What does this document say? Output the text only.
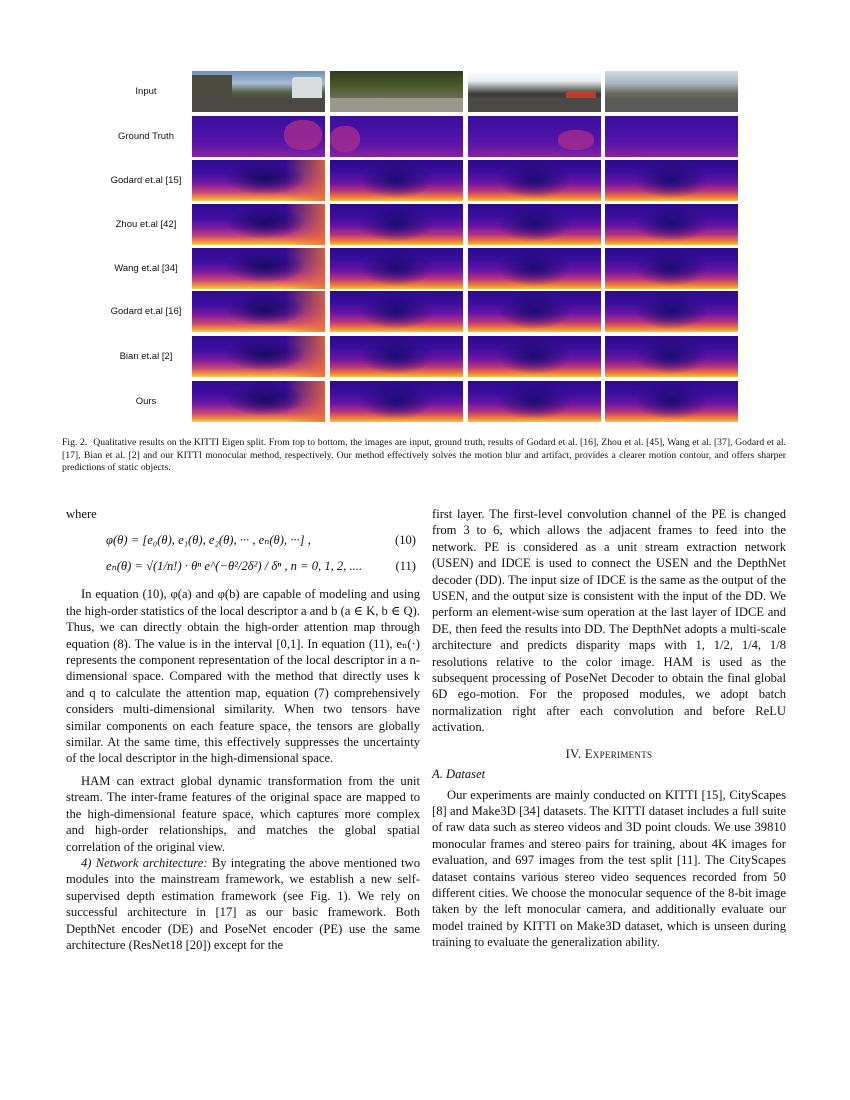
Input
Ground Truth
Godard et.al [15]
Zhou et.al [42]
Wang et.al [34]
Godard et.al [16]
Bian et.al [2]
Ours
Fig. 2. Qualitative results on the KITTI Eigen split. From top to bottom, the images are input, ground truth, results of Godard et al. [16], Zhou et al. [45], Wang et al. [37], Godard et al. [17], Bian et al. [2] and our KITTI monocular method, respectively. Our method effectively solves the motion blur and artifact, provides a clearer motion contour, and offers sharper predictions of static objects.

where

φ(θ) = [e₀(θ), e₁(θ), e₂(θ), ··· , eₙ(θ), ···] ,	(10)
eₙ(θ) = √(1/n!) · θⁿ e^(−θ²/2δ²) / δⁿ , n = 0, 1, 2, ....	(11)

In equation (10), φ(a) and φ(b) are capable of modeling and using the high-order statistics of the local descriptor a and b (a ∈ K, b ∈ Q). Thus, we can directly obtain the high-order attention map through equation (8). The value is in the interval [0,1]. In equation (11), eₙ(·) represents the component representation of the local descriptor in a n-dimensional space. Compared with the method that directly uses k and q to calculate the attention map, equation (7) comprehensively considers multi-dimensional similarity. When two tensors have similar components on each feature space, the tensors are globally similar. At the same time, this effectively suppresses the uncertainty of the local descriptor in the high-dimensional space.

HAM can extract global dynamic transformation from the unit stream. The inter-frame features of the original space are mapped to the high-dimensional feature space, which captures more complex and high-order relationships, and matches the global spatial correlation of the original view.

4) Network architecture: By integrating the above mentioned two modules into the mainstream framework, we establish a new self-supervised depth estimation framework (see Fig. 1). We rely on successful architecture in [17] as our basic framework. Both DepthNet encoder (DE) and PoseNet encoder (PE) use the same architecture (ResNet18 [20]) except for the

first layer. The first-level convolution channel of the PE is changed from 3 to 6, which allows the adjacent frames to feed into the network. PE is considered as a unit stream extraction network (USEN) and IDCE is used to connect the USEN and the DepthNet decoder (DD). The input size of IDCE is the same as the output of the USEN, and the output size is consistent with the input of the DD. We perform an element-wise sum operation at the last layer of IDCE and DE, then feed the results into DD. The DepthNet adopts a multi-scale architecture and predicts disparity maps with 1, 1/2, 1/4, 1/8 resolutions relative to the color image. HAM is used as the subsequent processing of PoseNet Decoder to obtain the final global 6D ego-motion. For the proposed modules, we adopt batch normalization right after each convolution and before ReLU activation.

IV. Experiments
A. Dataset

Our experiments are mainly conducted on KITTI [15], CityScapes [8] and Make3D [34] datasets. The KITTI dataset includes a full suite of raw data such as stereo videos and 3D point clouds. We use 39810 monocular frames and stereo pairs for training, about 4K images for evaluation, and 697 images from the test split [11]. The CityScapes dataset contains various stereo video sequences recorded from 50 different cities. We choose the monocular sequence of the 8-bit image taken by the left monocular camera, and additionally evaluate our model trained by KITTI on Make3D dataset, which is unseen during training to evaluate the generalization ability.
